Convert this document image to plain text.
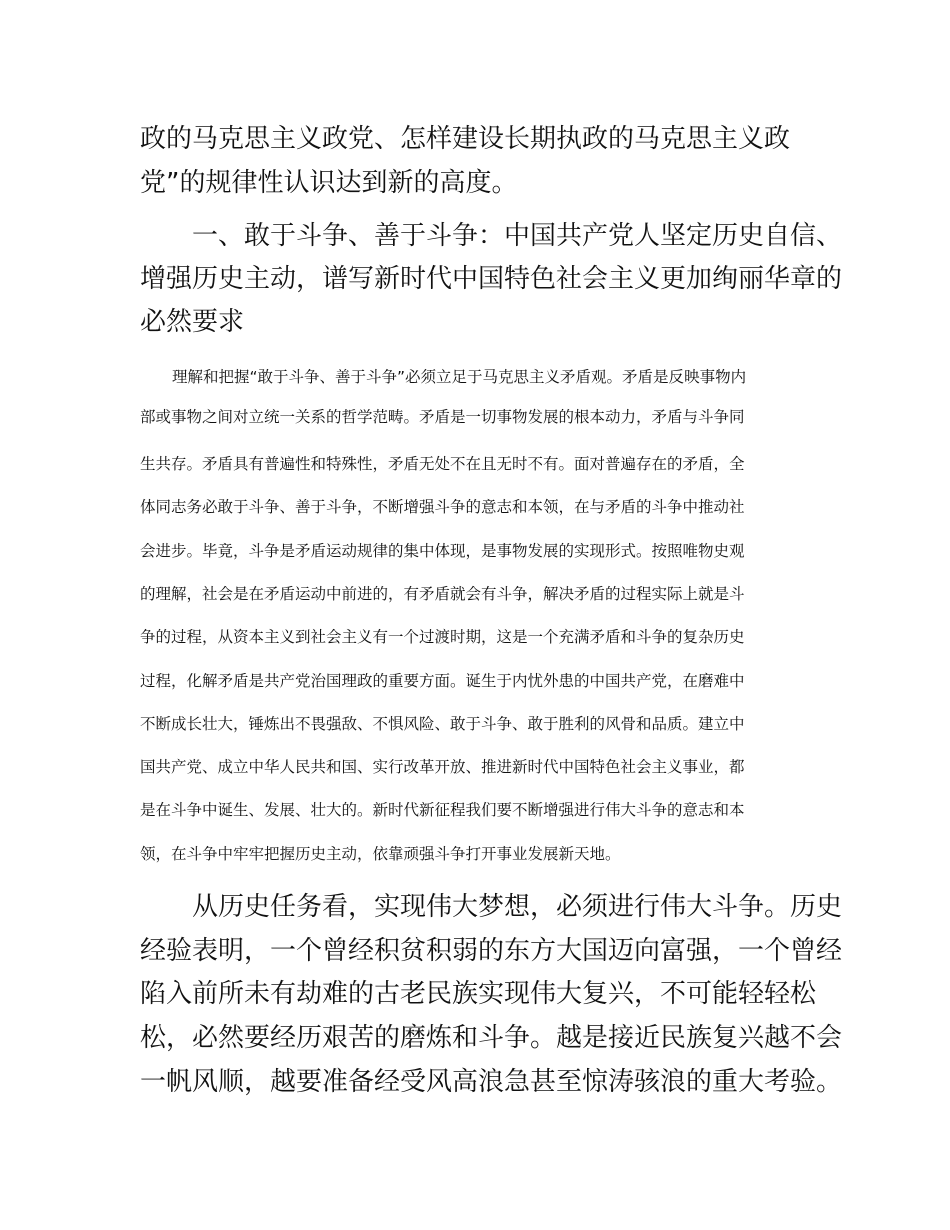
政的马克思主义政党、怎样建设长期执政的马克思主义政
党”的规律性认识达到新的高度。
一、敢于斗争、善于斗争：中国共产党人坚定历史自信、
增强历史主动，谱写新时代中国特色社会主义更加绚丽华章的
必然要求
理解和把握“敢于斗争、善于斗争”必须立足于马克思主义矛盾观。矛盾是反映事物内
部或事物之间对立统一关系的哲学范畴。矛盾是一切事物发展的根本动力，矛盾与斗争同
生共存。矛盾具有普遍性和特殊性，矛盾无处不在且无时不有。面对普遍存在的矛盾，全
体同志务必敢于斗争、善于斗争，不断增强斗争的意志和本领，在与矛盾的斗争中推动社
会进步。毕竟，斗争是矛盾运动规律的集中体现，是事物发展的实现形式。按照唯物史观
的理解，社会是在矛盾运动中前进的，有矛盾就会有斗争，解决矛盾的过程实际上就是斗
争的过程，从资本主义到社会主义有一个过渡时期，这是一个充满矛盾和斗争的复杂历史
过程，化解矛盾是共产党治国理政的重要方面。诞生于内忧外患的中国共产党，在磨难中
不断成长壮大，锤炼出不畏强敌、不惧风险、敢于斗争、敢于胜利的风骨和品质。建立中
国共产党、成立中华人民共和国、实行改革开放、推进新时代中国特色社会主义事业，都
是在斗争中诞生、发展、壮大的。新时代新征程我们要不断增强进行伟大斗争的意志和本
领，在斗争中牢牢把握历史主动，依靠顽强斗争打开事业发展新天地。
从历史任务看，实现伟大梦想，必须进行伟大斗争。历史
经验表明，一个曾经积贫积弱的东方大国迈向富强，一个曾经
陷入前所未有劫难的古老民族实现伟大复兴，不可能轻轻松
松，必然要经历艰苦的磨炼和斗争。越是接近民族复兴越不会
一帆风顺，越要准备经受风高浪急甚至惊涛骇浪的重大考验。
